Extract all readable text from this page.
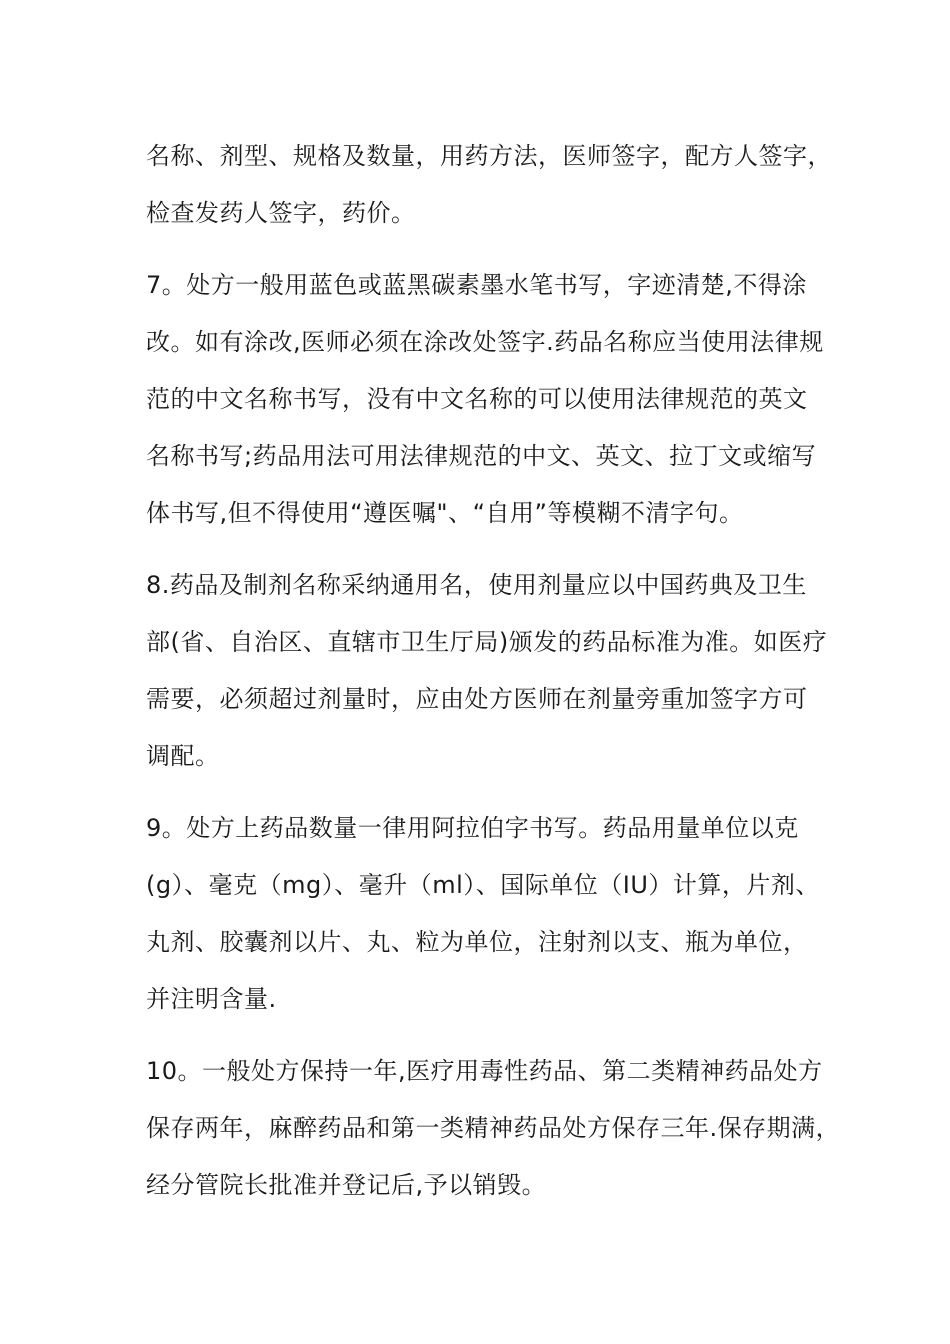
名称、剂型、规格及数量，用药方法，医师签字，配方人签字，
检查发药人签字，药价。
7。处方一般用蓝色或蓝黑碳素墨水笔书写，字迹清楚,不得涂
改。如有涂改,医师必须在涂改处签字.药品名称应当使用法律规
范的中文名称书写，没有中文名称的可以使用法律规范的英文
名称书写;药品用法可用法律规范的中文、英文、拉丁文或缩写
体书写,但不得使用“遵医嘱"、“自用”等模糊不清字句。
8.药品及制剂名称采纳通用名，使用剂量应以中国药典及卫生
部(省、自治区、直辖市卫生厅局)颁发的药品标准为准。如医疗
需要，必须超过剂量时，应由处方医师在剂量旁重加签字方可
调配。
9。处方上药品数量一律用阿拉伯字书写。药品用量单位以克
(g）、毫克（mg）、毫升（ml）、国际单位（IU）计算，片剂、
丸剂、胶囊剂以片、丸、粒为单位，注射剂以支、瓶为单位，
并注明含量.
10。一般处方保持一年,医疗用毒性药品、第二类精神药品处方
保存两年，麻醉药品和第一类精神药品处方保存三年.保存期满，
经分管院长批准并登记后,予以销毁。
